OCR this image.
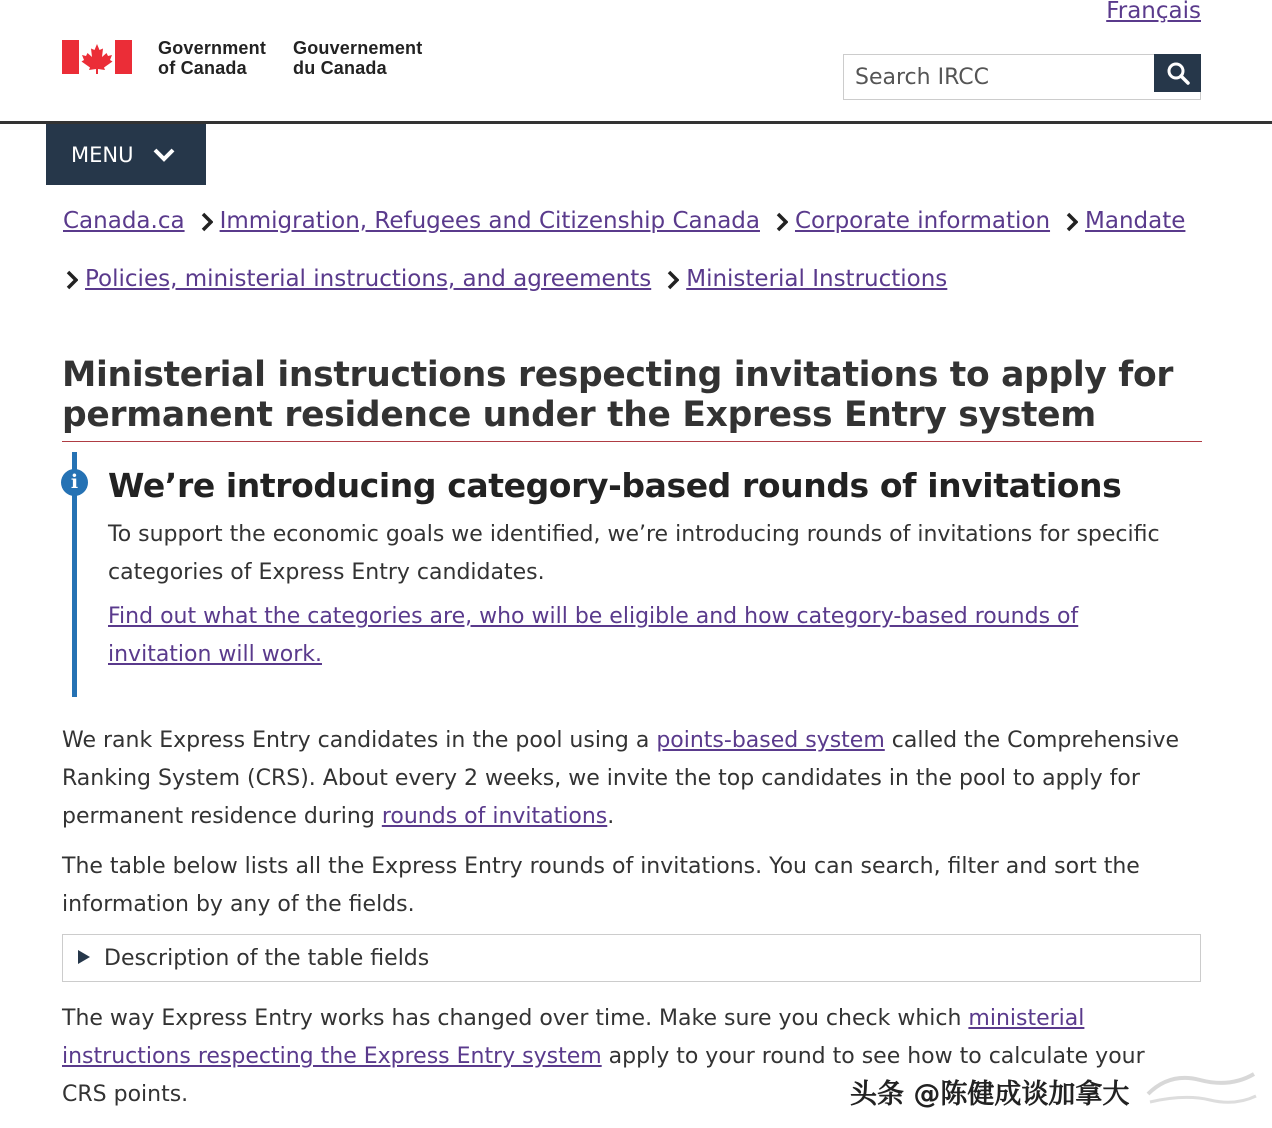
Français
Government
of Canada
Gouvernement
du Canada
Search IRCC
MENU
Canada.ca Immigration, Refugees and Citizenship Canada Corporate information Mandate
Policies, ministerial instructions, and agreements Ministerial Instructions
Ministerial instructions respecting invitations to apply for permanent residence under the Express Entry system
i We’re introducing category-based rounds of invitations

To support the economic goals we identified, we’re introducing rounds of invitations for specific categories of Express Entry candidates.

Find out what the categories are, who will be eligible and how category-based rounds of invitation will work.

We rank Express Entry candidates in the pool using a points-based system called the Comprehensive Ranking System (CRS). About every 2 weeks, we invite the top candidates in the pool to apply for permanent residence during rounds of invitations.

The table below lists all the Express Entry rounds of invitations. You can search, filter and sort the information by any of the fields.

Description of the table fields

The way Express Entry works has changed over time. Make sure you check which ministerial instructions respecting the Express Entry system apply to your round to see how to calculate your CRS points.	头条 @陈健成谈加拿大
